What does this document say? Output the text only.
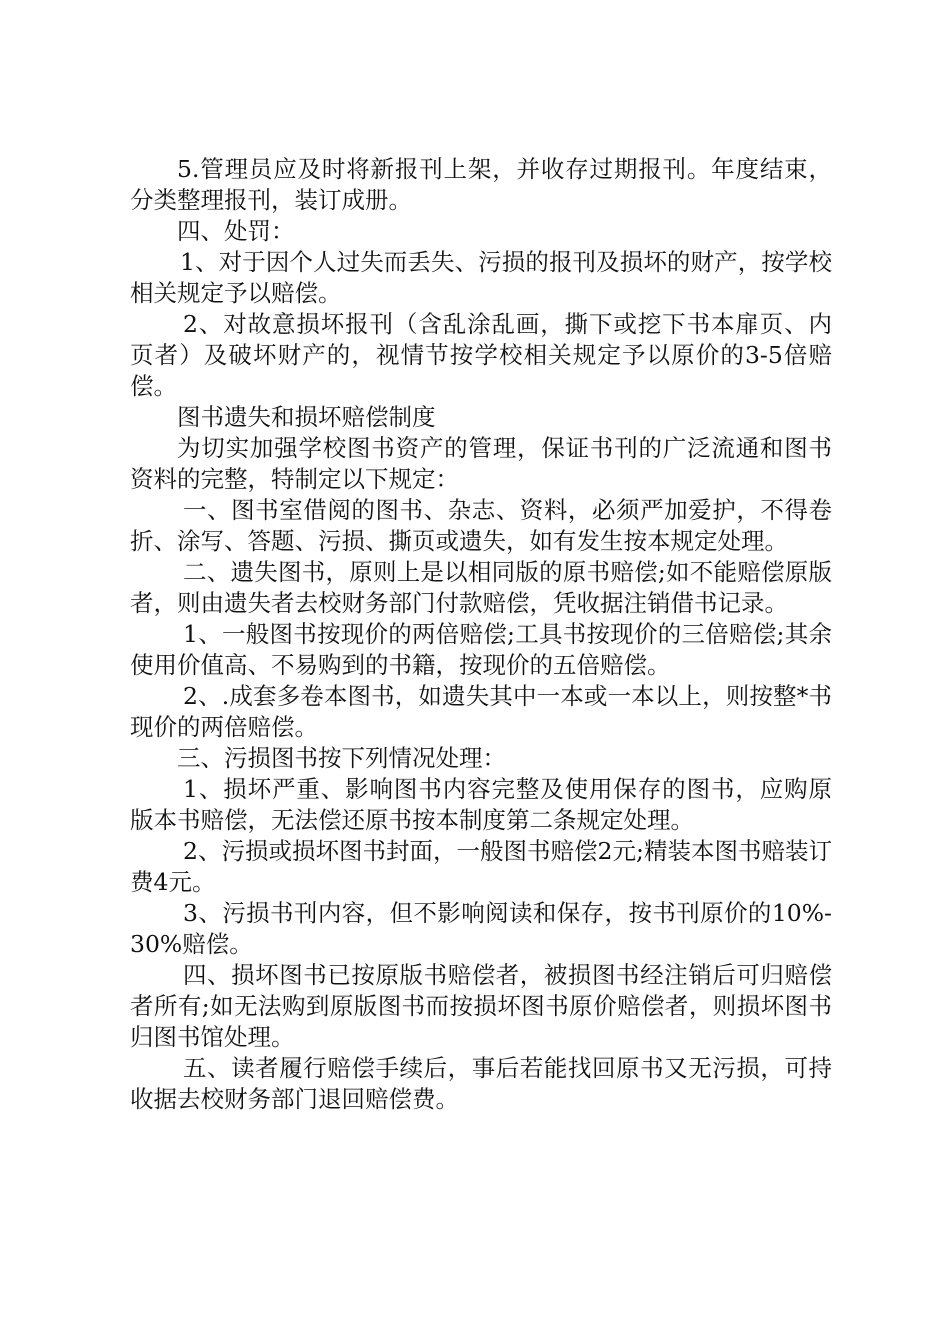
5.管理员应及时将新报刊上架，并收存过期报刊。年度结束，分类整理报刊，装订成册。

四、处罚：

1、对于因个人过失而丢失、污损的报刊及损坏的财产，按学校相关规定予以赔偿。

2、对故意损坏报刊（含乱涂乱画，撕下或挖下书本扉页、内页者）及破坏财产的，视情节按学校相关规定予以原价的3-5倍赔偿。

图书遗失和损坏赔偿制度

为切实加强学校图书资产的管理，保证书刊的广泛流通和图书资料的完整，特制定以下规定：

一、图书室借阅的图书、杂志、资料，必须严加爱护，不得卷折、涂写、答题、污损、撕页或遗失，如有发生按本规定处理。

二、遗失图书，原则上是以相同版的原书赔偿;如不能赔偿原版者，则由遗失者去校财务部门付款赔偿，凭收据注销借书记录。

1、一般图书按现价的两倍赔偿;工具书按现价的三倍赔偿;其余使用价值高、不易购到的书籍，按现价的五倍赔偿。

2、.成套多卷本图书，如遗失其中一本或一本以上，则按整*书现价的两倍赔偿。

三、污损图书按下列情况处理：

1、损坏严重、影响图书内容完整及使用保存的图书，应购原版本书赔偿，无法偿还原书按本制度第二条规定处理。

2、污损或损坏图书封面，一般图书赔偿2元;精装本图书赔装订费4元。

3、污损书刊内容，但不影响阅读和保存，按书刊原价的10%-30%赔偿。

四、损坏图书已按原版书赔偿者，被损图书经注销后可归赔偿者所有;如无法购到原版图书而按损坏图书原价赔偿者，则损坏图书归图书馆处理。

五、读者履行赔偿手续后，事后若能找回原书又无污损，可持收据去校财务部门退回赔偿费。
